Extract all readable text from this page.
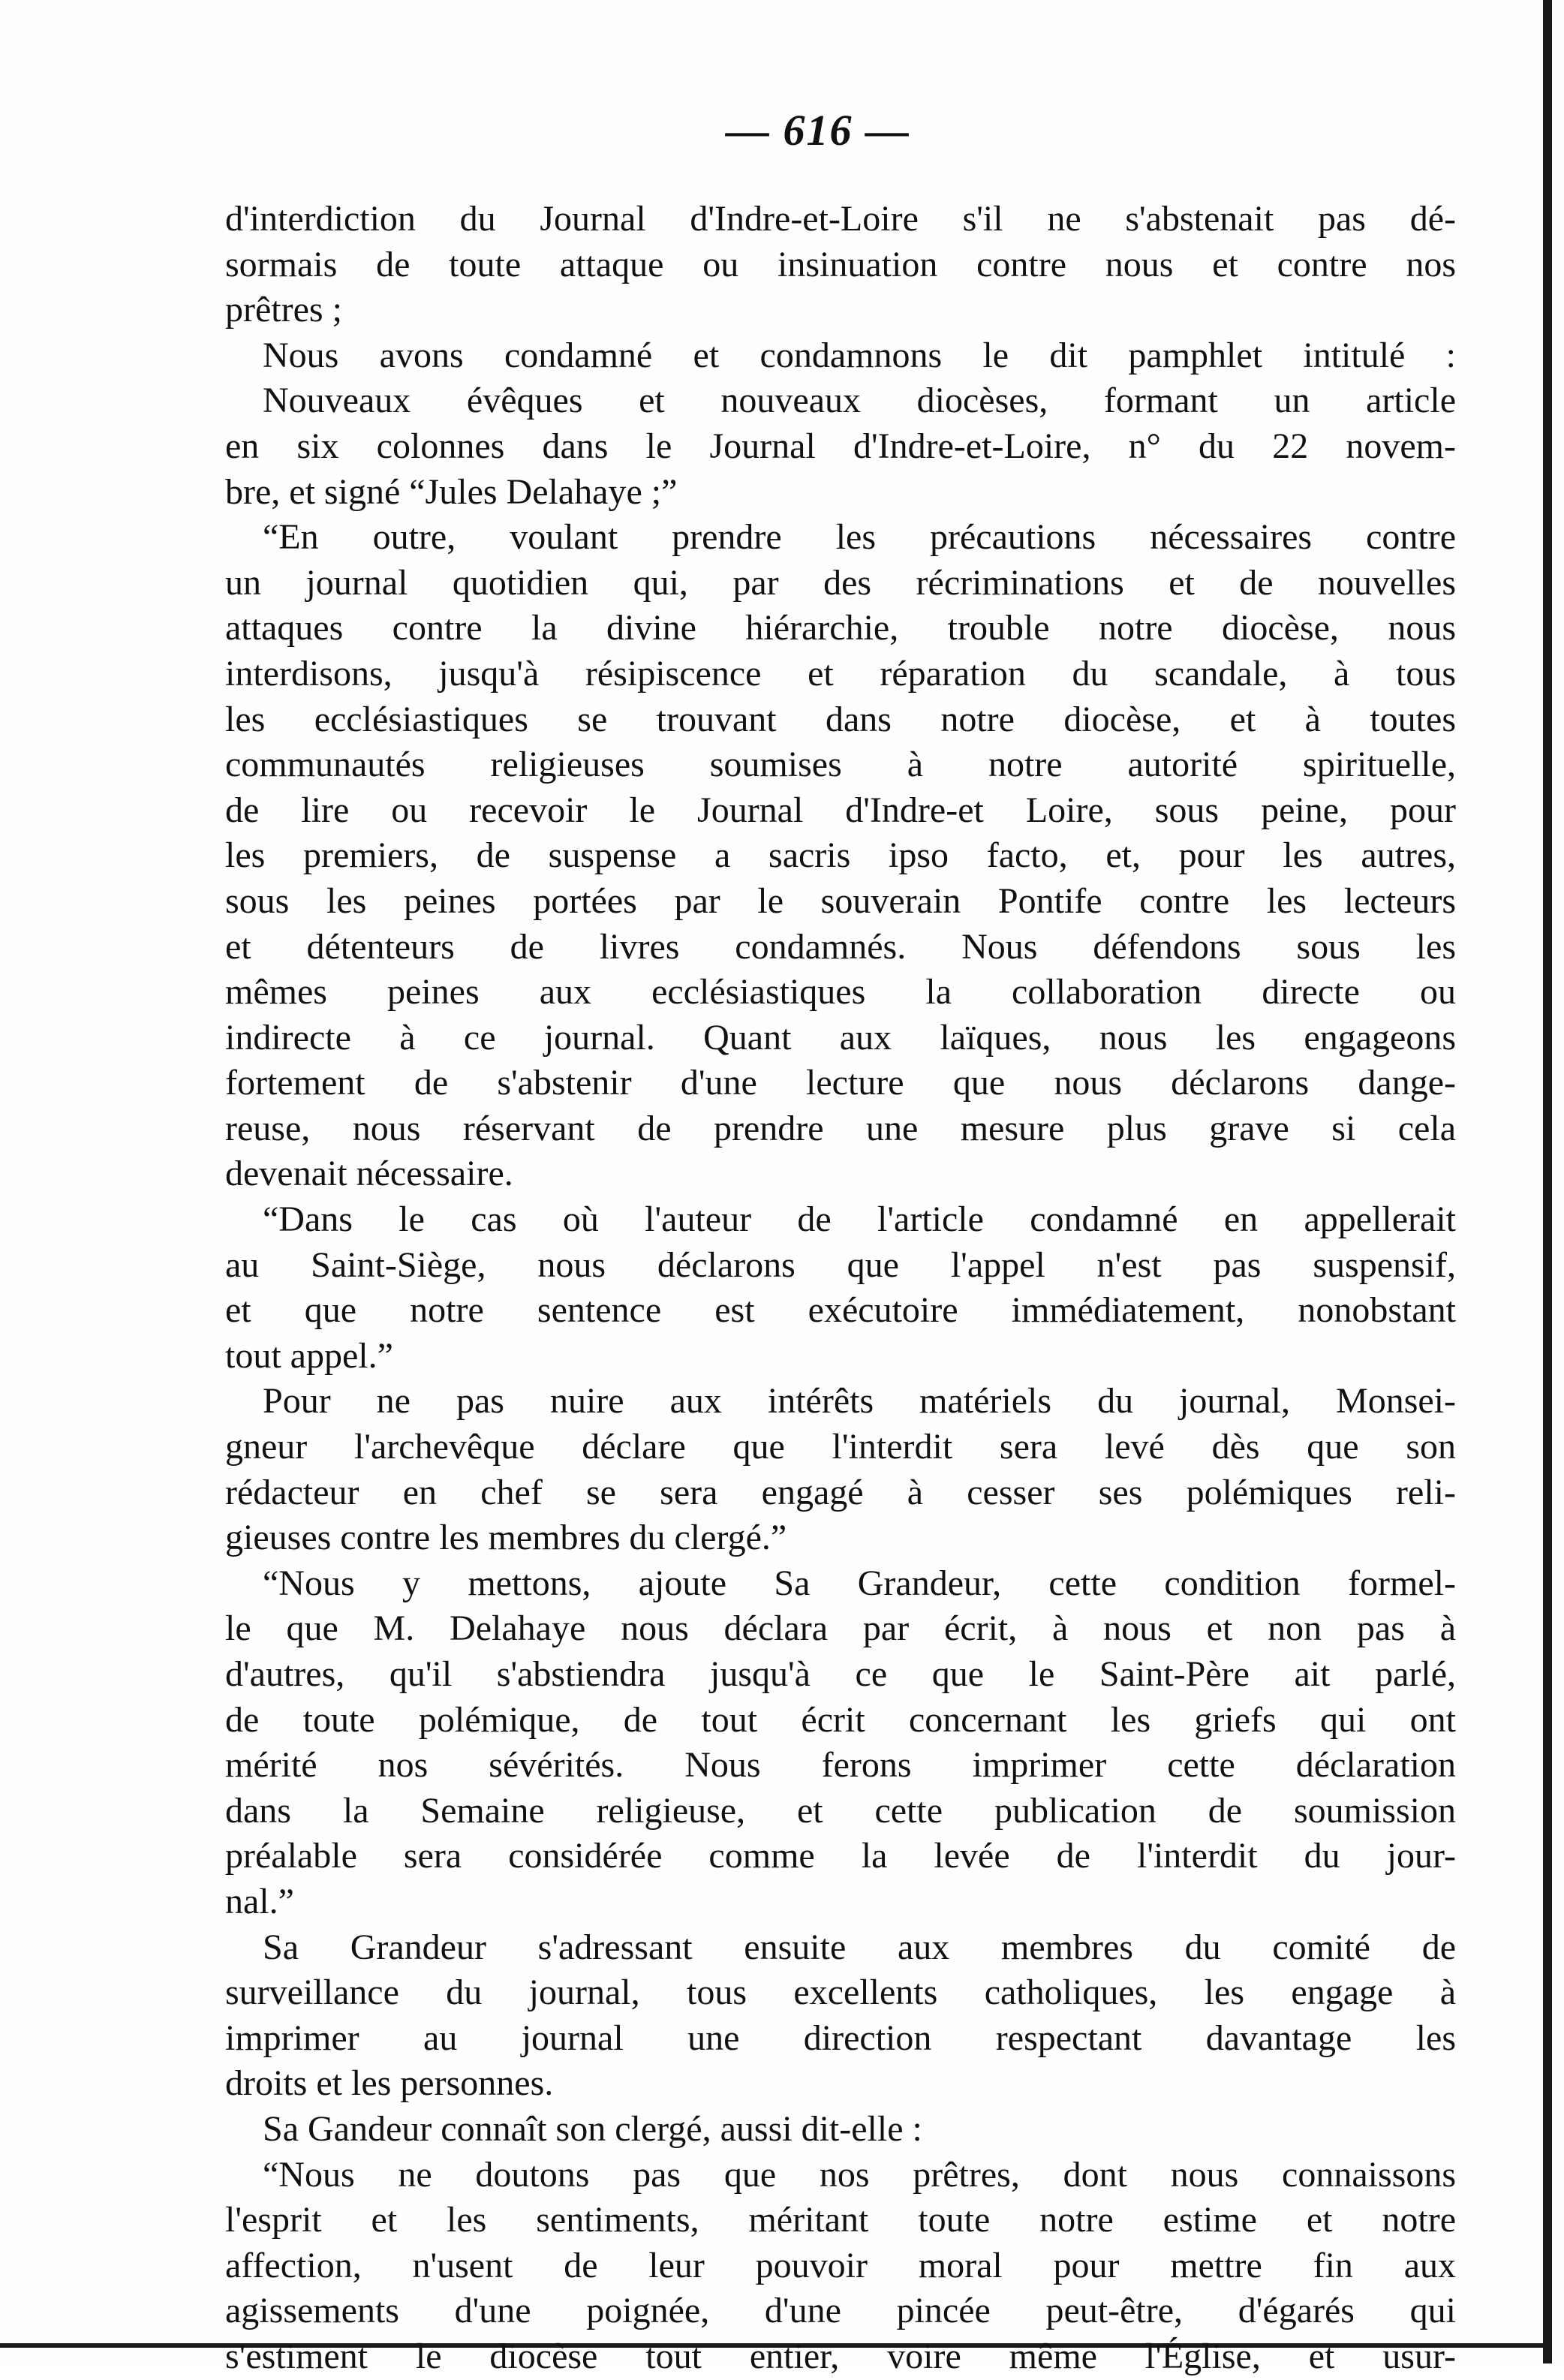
— 616 —
d'interdiction du Journal d'Indre-et-Loire s'il ne s'abstenait pas dé-
sormais de toute attaque ou insinuation contre nous et contre nos
prêtres ;
Nous avons condamné et condamnons le dit pamphlet intitulé :
Nouveaux évêques et nouveaux diocèses, formant un article
en six colonnes dans le Journal d'Indre-et-Loire, n° du 22 novem-
bre, et signé “Jules Delahaye ;”
“En outre, voulant prendre les précautions nécessaires contre
un journal quotidien qui, par des récriminations et de nouvelles
attaques contre la divine hiérarchie, trouble notre diocèse, nous
interdisons, jusqu'à résipiscence et réparation du scandale, à tous
les ecclésiastiques se trouvant dans notre diocèse, et à toutes
communautés religieuses soumises à notre autorité spirituelle,
de lire ou recevoir le Journal d'Indre-et Loire, sous peine, pour
les premiers, de suspense a sacris ipso facto, et, pour les autres,
sous les peines portées par le souverain Pontife contre les lecteurs
et détenteurs de livres condamnés. Nous défendons sous les
mêmes peines aux ecclésiastiques la collaboration directe ou
indirecte à ce journal. Quant aux laïques, nous les engageons
fortement de s'abstenir d'une lecture que nous déclarons dange-
reuse, nous réservant de prendre une mesure plus grave si cela
devenait nécessaire.
“Dans le cas où l'auteur de l'article condamné en appellerait
au Saint-Siège, nous déclarons que l'appel n'est pas suspensif,
et que notre sentence est exécutoire immédiatement, nonobstant
tout appel.”
Pour ne pas nuire aux intérêts matériels du journal, Monsei-
gneur l'archevêque déclare que l'interdit sera levé dès que son
rédacteur en chef se sera engagé à cesser ses polémiques reli-
gieuses contre les membres du clergé.”
“Nous y mettons, ajoute Sa Grandeur, cette condition formel-
le que M. Delahaye nous déclara par écrit, à nous et non pas à
d'autres, qu'il s'abstiendra jusqu'à ce que le Saint-Père ait parlé,
de toute polémique, de tout écrit concernant les griefs qui ont
mérité nos sévérités. Nous ferons imprimer cette déclaration
dans la Semaine religieuse, et cette publication de soumission
préalable sera considérée comme la levée de l'interdit du jour-
nal.”
Sa Grandeur s'adressant ensuite aux membres du comité de
surveillance du journal, tous excellents catholiques, les engage à
imprimer au journal une direction respectant davantage les
droits et les personnes.
Sa Gandeur connaît son clergé, aussi dit-elle :
“Nous ne doutons pas que nos prêtres, dont nous connaissons
l'esprit et les sentiments, méritant toute notre estime et notre
affection, n'usent de leur pouvoir moral pour mettre fin aux
agissements d'une poignée, d'une pincée peut-être, d'égarés qui
s'estiment le diocèse tout entier, voire même l'Église, et usur-
